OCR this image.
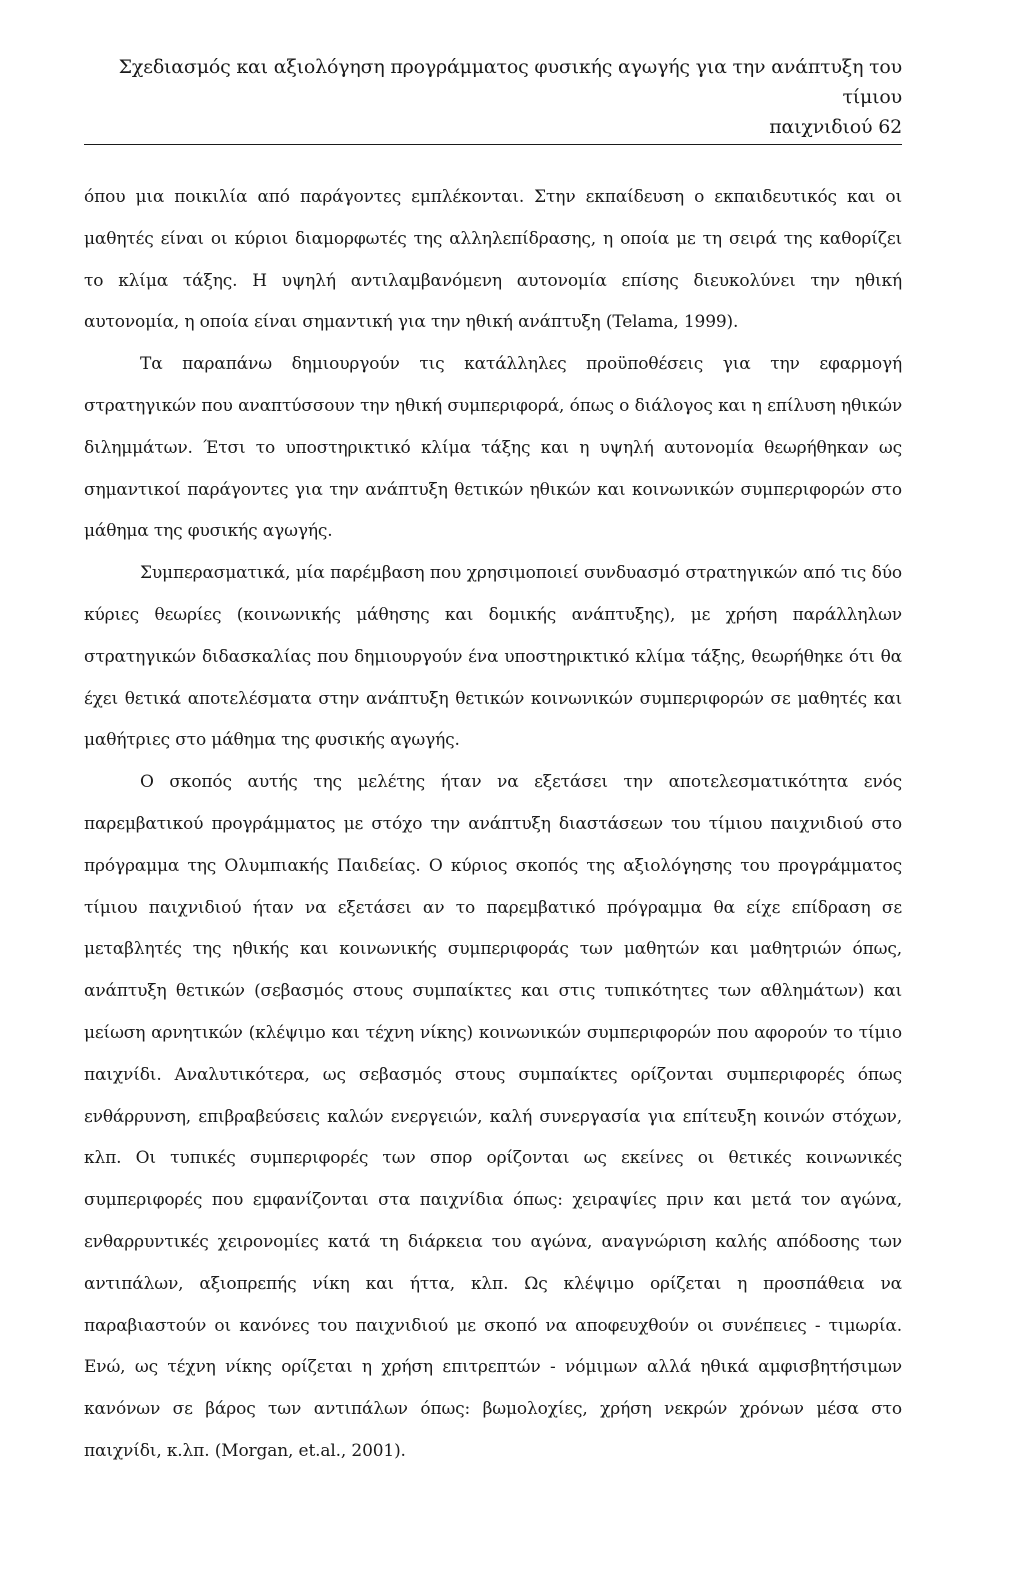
Σχεδιασμός και αξιολόγηση προγράμματος φυσικής αγωγής για την ανάπτυξη του τίμιου
παιχνιδιού 62

όπου μια ποικιλία από παράγοντες εμπλέκονται. Στην εκπαίδευση ο εκπαιδευτικός και οι μαθητές είναι οι κύριοι διαμορφωτές της αλληλεπίδρασης, η οποία με τη σειρά της καθορίζει το κλίμα τάξης. Η υψηλή αντιλαμβανόμενη αυτονομία επίσης διευκολύνει την ηθική αυτονομία, η οποία είναι σημαντική για την ηθική ανάπτυξη (Telama, 1999).

Τα παραπάνω δημιουργούν τις κατάλληλες προϋποθέσεις για την εφαρμογή στρατηγικών που αναπτύσσουν την ηθική συμπεριφορά, όπως ο διάλογος και η επίλυση ηθικών διλημμάτων. Έτσι το υποστηρικτικό κλίμα τάξης και η υψηλή αυτονομία θεωρήθηκαν ως σημαντικοί παράγοντες για την ανάπτυξη θετικών ηθικών και κοινωνικών συμπεριφορών στο μάθημα της φυσικής αγωγής.

Συμπερασματικά, μία παρέμβαση που χρησιμοποιεί συνδυασμό στρατηγικών από τις δύο κύριες θεωρίες (κοινωνικής μάθησης και δομικής ανάπτυξης), με χρήση παράλληλων στρατηγικών διδασκαλίας που δημιουργούν ένα υποστηρικτικό κλίμα τάξης, θεωρήθηκε ότι θα έχει θετικά αποτελέσματα στην ανάπτυξη θετικών κοινωνικών συμπεριφορών σε μαθητές και μαθήτριες στο μάθημα της φυσικής αγωγής.

Ο σκοπός αυτής της μελέτης ήταν να εξετάσει την αποτελεσματικότητα ενός παρεμβατικού προγράμματος με στόχο την ανάπτυξη διαστάσεων του τίμιου παιχνιδιού στο πρόγραμμα της Ολυμπιακής Παιδείας. Ο κύριος σκοπός της αξιολόγησης του προγράμματος τίμιου παιχνιδιού ήταν να εξετάσει αν το παρεμβατικό πρόγραμμα θα είχε επίδραση σε μεταβλητές της ηθικής και κοινωνικής συμπεριφοράς των μαθητών και μαθητριών όπως, ανάπτυξη θετικών (σεβασμός στους συμπαίκτες και στις τυπικότητες των αθλημάτων) και μείωση αρνητικών (κλέψιμο και τέχνη νίκης) κοινωνικών συμπεριφορών που αφορούν το τίμιο παιχνίδι. Αναλυτικότερα, ως σεβασμός στους συμπαίκτες ορίζονται συμπεριφορές όπως ενθάρρυνση, επιβραβεύσεις καλών ενεργειών, καλή συνεργασία για επίτευξη κοινών στόχων, κλπ. Οι τυπικές συμπεριφορές των σπορ ορίζονται ως εκείνες οι θετικές κοινωνικές συμπεριφορές που εμφανίζονται στα παιχνίδια όπως: χειραψίες πριν και μετά τον αγώνα, ενθαρρυντικές χειρονομίες κατά τη διάρκεια του αγώνα, αναγνώριση καλής απόδοσης των αντιπάλων, αξιοπρεπής νίκη και ήττα, κλπ. Ως κλέψιμο ορίζεται η προσπάθεια να παραβιαστούν οι κανόνες του παιχνιδιού με σκοπό να αποφευχθούν οι συνέπειες - τιμωρία. Ενώ, ως τέχνη νίκης ορίζεται η χρήση επιτρεπτών - νόμιμων αλλά ηθικά αμφισβητήσιμων κανόνων σε βάρος των αντιπάλων όπως: βωμολοχίες, χρήση νεκρών χρόνων μέσα στο παιχνίδι, κ.λπ. (Morgan, et.al., 2001).
